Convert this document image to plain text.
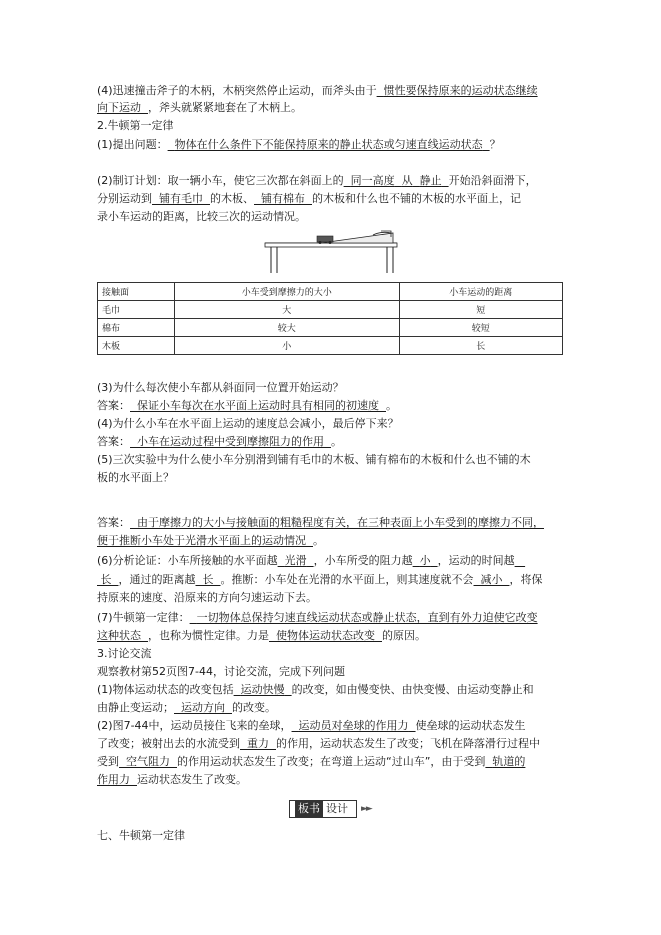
(4)迅速撞击斧子的木柄，木柄突然停止运动，而斧头由于 惯性要保持原来的运动状态继续
向下运动 ，斧头就紧紧地套在了木柄上。
2.牛顿第一定律
(1)提出问题： 物体在什么条件下不能保持原来的静止状态或匀速直线运动状态 ？
(2)制订计划：取一辆小车，使它三次都在斜面上的 同一高度 从 静止 开始沿斜面滑下，
分别运动到 铺有毛巾 的木板、 铺有棉布 的木板和什么也不铺的木板的水平面上，记
录小车运动的距离，比较三次的运动情况。
接触面	小车受到摩擦力的大小	小车运动的距离
毛巾	大	短
棉布	较大	较短
木板	小	长
(3)为什么每次使小车都从斜面同一位置开始运动？
答案： 保证小车每次在水平面上运动时具有相同的初速度 。
(4)为什么小车在水平面上运动的速度总会减小，最后停下来？
答案： 小车在运动过程中受到摩擦阻力的作用 。
(5)三次实验中为什么使小车分别滑到铺有毛巾的木板、铺有棉布的木板和什么也不铺的木
板的水平面上？
答案： 由于摩擦力的大小与接触面的粗糙程度有关，在三种表面上小车受到的摩擦力不同，
便于推断小车处于光滑水平面上的运动情况 。
(6)分析论证：小车所接触的水平面越 光滑 ，小车所受的阻力越 小 ，运动的时间越
长 ，通过的距离越 长 。推断：小车处在光滑的水平面上，则其速度就不会 减小 ，将保
持原来的速度、沿原来的方向匀速运动下去。
(7)牛顿第一定律： 一切物体总保持匀速直线运动状态或静止状态，直到有外力迫使它改变
这种状态 ，也称为惯性定律。力是 使物体运动状态改变 的原因。
3.讨论交流
观察教材第52页图7-44，讨论交流，完成下列问题
(1)物体运动状态的改变包括 运动快慢 的改变，如由慢变快、由快变慢、由运动变静止和
由静止变运动； 运动方向 的改变。
(2)图7-44中，运动员接住飞来的垒球， 运动员对垒球的作用力 使垒球的运动状态发生
了改变；被射出去的水流受到 重力 的作用，运动状态发生了改变；飞机在降落滑行过程中
受到 空气阻力 的作用运动状态发生了改变；在弯道上运动“过山车”，由于受到 轨道的
作用力 运动状态发生了改变。
板书 设计	►►
七、牛顿第一定律
